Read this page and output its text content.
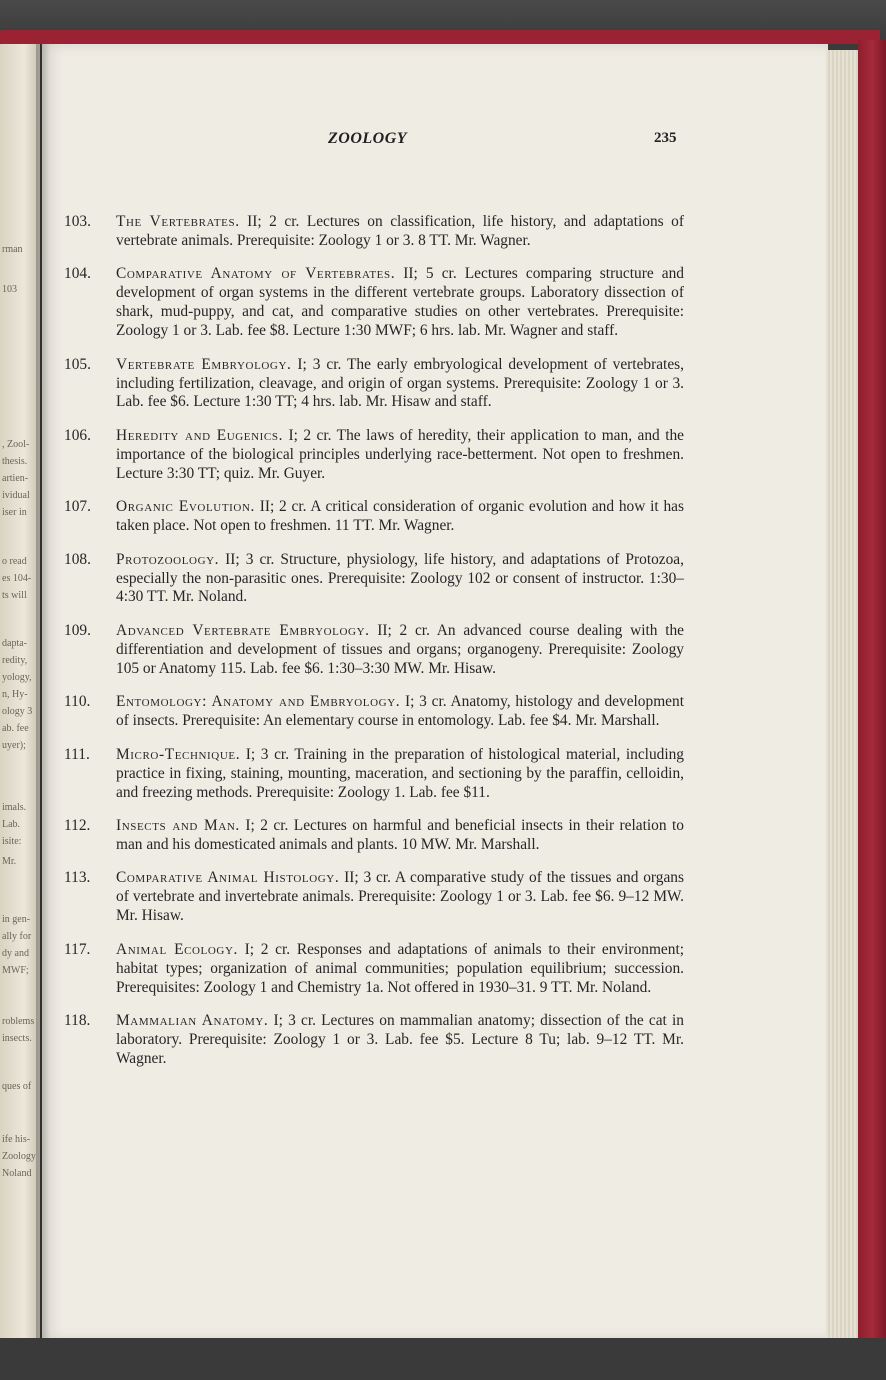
rman
103
, Zool-
thesis.
artien-
ividual
iser in
o read
es 104-
ts will
dapta-
redity,
yology,
n, Hy-
ology 3
ab. fee
uyer);
imals.
Lab.
isite:
Mr.
in gen-
ally for
dy and
MWF;
roblems
insects.
ques of
ife his-
Zoology
Noland
ZOOLOGY	235
103.	The Vertebrates. II; 2 cr. Lectures on classification, life history, and adaptations of vertebrate animals. Prerequisite: Zoology 1 or 3. 8 TT. Mr. Wagner.
104.	Comparative Anatomy of Vertebrates. II; 5 cr. Lectures comparing structure and development of organ systems in the different vertebrate groups. Laboratory dissection of shark, mud-puppy, and cat, and comparative studies on other vertebrates. Prerequisite: Zoology 1 or 3. Lab. fee $8. Lecture 1:30 MWF; 6 hrs. lab. Mr. Wagner and staff.
105.	Vertebrate Embryology. I; 3 cr. The early embryological development of vertebrates, including fertilization, cleavage, and origin of organ systems. Prerequisite: Zoology 1 or 3. Lab. fee $6. Lecture 1:30 TT; 4 hrs. lab. Mr. Hisaw and staff.
106.	Heredity and Eugenics. I; 2 cr. The laws of heredity, their application to man, and the importance of the biological principles underlying race-betterment. Not open to freshmen. Lecture 3:30 TT; quiz. Mr. Guyer.
107.	Organic Evolution. II; 2 cr. A critical consideration of organic evolution and how it has taken place. Not open to freshmen. 11 TT. Mr. Wagner.
108.	Protozoology. II; 3 cr. Structure, physiology, life history, and adaptations of Protozoa, especially the non-parasitic ones. Prerequisite: Zoology 102 or consent of instructor. 1:30–4:30 TT. Mr. Noland.
109.	Advanced Vertebrate Embryology. II; 2 cr. An advanced course dealing with the differentiation and development of tissues and organs; organogeny. Prerequisite: Zoology 105 or Anatomy 115. Lab. fee $6. 1:30–3:30 MW. Mr. Hisaw.
110.	Entomology: Anatomy and Embryology. I; 3 cr. Anatomy, histology and development of insects. Prerequisite: An elementary course in entomology. Lab. fee $4. Mr. Marshall.
111.	Micro-Technique. I; 3 cr. Training in the preparation of histological material, including practice in fixing, staining, mounting, maceration, and sectioning by the paraffin, celloidin, and freezing methods. Prerequisite: Zoology 1. Lab. fee $11.
112.	Insects and Man. I; 2 cr. Lectures on harmful and beneficial insects in their relation to man and his domesticated animals and plants. 10 MW. Mr. Marshall.
113.	Comparative Animal Histology. II; 3 cr. A comparative study of the tissues and organs of vertebrate and invertebrate animals. Prerequisite: Zoology 1 or 3. Lab. fee $6. 9–12 MW. Mr. Hisaw.
117.	Animal Ecology. I; 2 cr. Responses and adaptations of animals to their environment; habitat types; organization of animal communities; population equilibrium; succession. Prerequisites: Zoology 1 and Chemistry 1a. Not offered in 1930–31. 9 TT. Mr. Noland.
118.	Mammalian Anatomy. I; 3 cr. Lectures on mammalian anatomy; dissection of the cat in laboratory. Prerequisite: Zoology 1 or 3. Lab. fee $5. Lecture 8 Tu; lab. 9–12 TT. Mr. Wagner.
